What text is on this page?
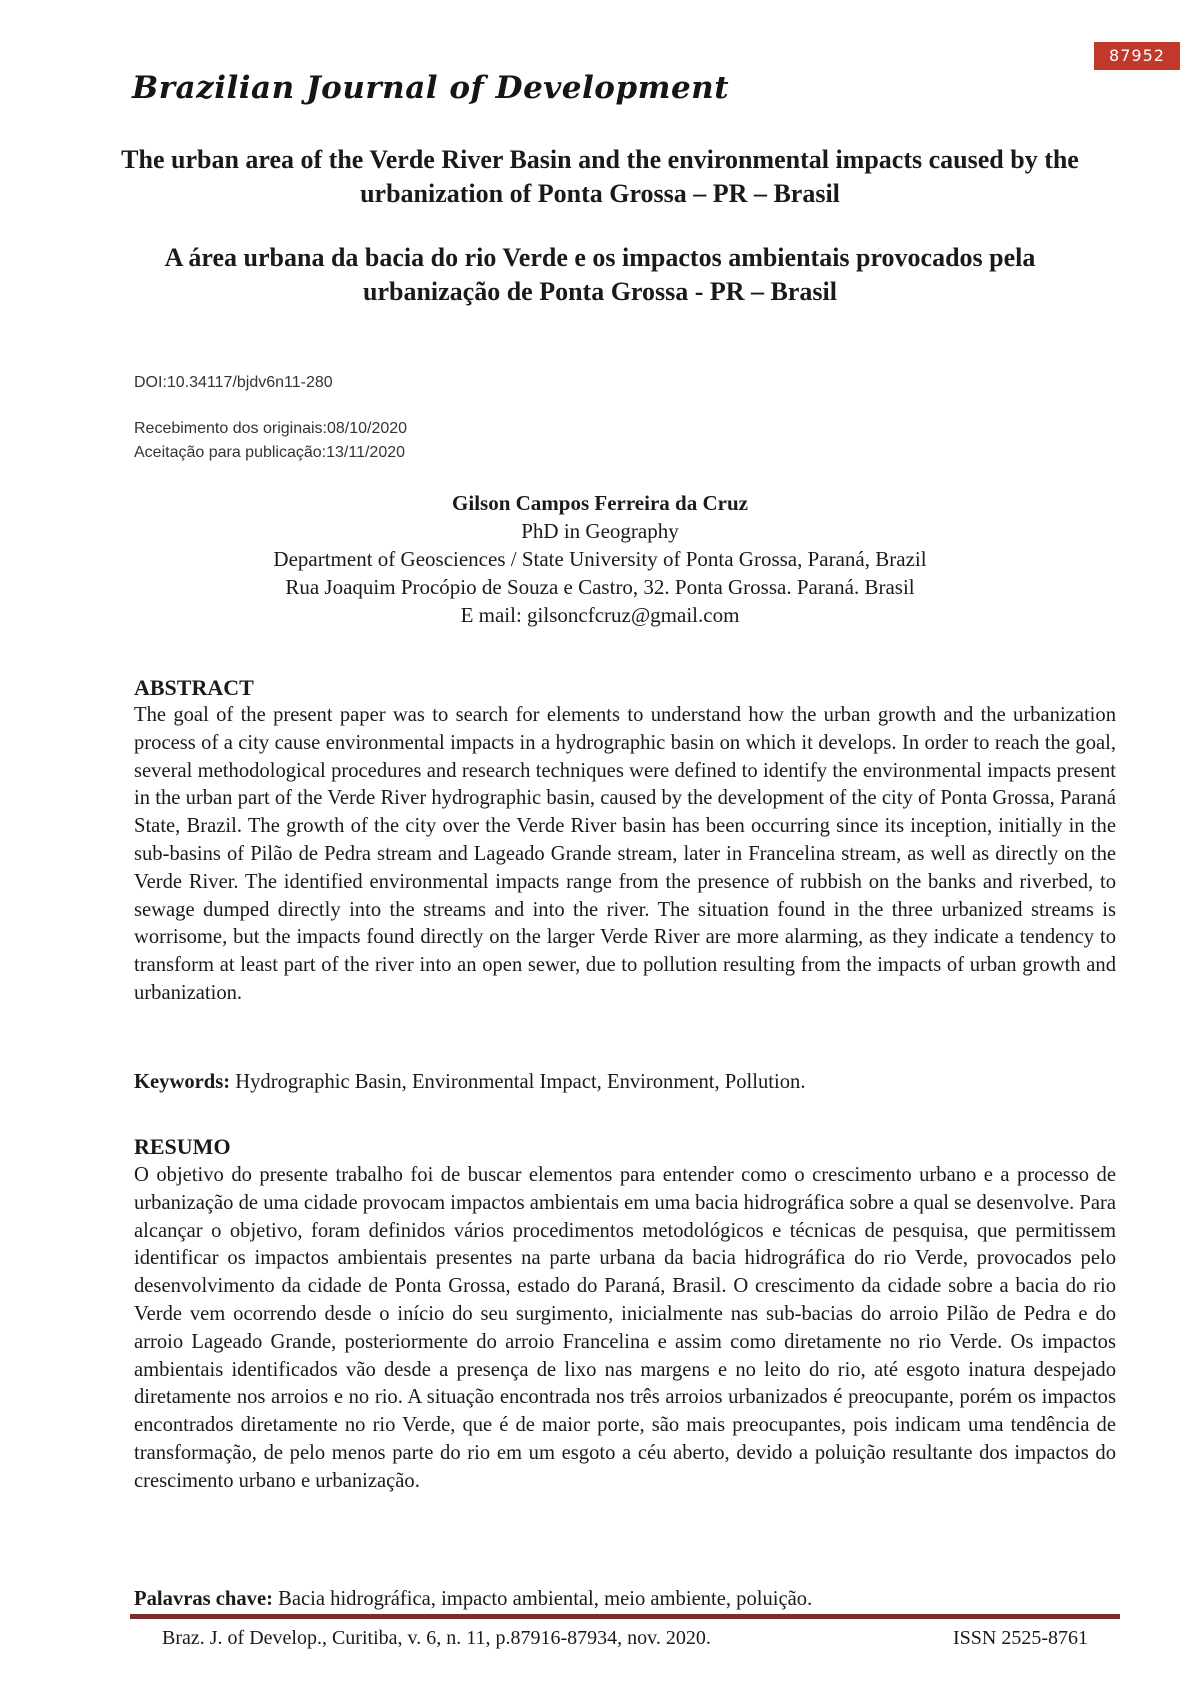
87952
Brazilian Journal of Development
The urban area of the Verde River Basin and the environmental impacts caused by the urbanization of Ponta Grossa – PR – Brasil
A área urbana da bacia do rio Verde e os impactos ambientais provocados pela urbanização de Ponta Grossa - PR – Brasil
DOI:10.34117/bjdv6n11-280
Recebimento dos originais:08/10/2020
Aceitação para publicação:13/11/2020
Gilson Campos Ferreira da Cruz
PhD in Geography
Department of Geosciences / State University of Ponta Grossa, Paraná, Brazil
Rua Joaquim Procópio de Souza e Castro, 32. Ponta Grossa. Paraná. Brasil
E mail: gilsoncfcruz@gmail.com
ABSTRACT
The goal of the present paper was to search for elements to understand how the urban growth and the urbanization process of a city cause environmental impacts in a hydrographic basin on which it develops. In order to reach the goal, several methodological procedures and research techniques were defined to identify the environmental impacts present in the urban part of the Verde River hydrographic basin, caused by the development of the city of Ponta Grossa, Paraná State, Brazil. The growth of the city over the Verde River basin has been occurring since its inception, initially in the sub-basins of Pilão de Pedra stream and Lageado Grande stream, later in Francelina stream, as well as directly on the Verde River. The identified environmental impacts range from the presence of rubbish on the banks and riverbed, to sewage dumped directly into the streams and into the river. The situation found in the three urbanized streams is worrisome, but the impacts found directly on the larger Verde River are more alarming, as they indicate a tendency to transform at least part of the river into an open sewer, due to pollution resulting from the impacts of urban growth and urbanization.
Keywords: Hydrographic Basin, Environmental Impact, Environment, Pollution.
RESUMO
O objetivo do presente trabalho foi de buscar elementos para entender como o crescimento urbano e a processo de urbanização de uma cidade provocam impactos ambientais em uma bacia hidrográfica sobre a qual se desenvolve. Para alcançar o objetivo, foram definidos vários procedimentos metodológicos e técnicas de pesquisa, que permitissem identificar os impactos ambientais presentes na parte urbana da bacia hidrográfica do rio Verde, provocados pelo desenvolvimento da cidade de Ponta Grossa, estado do Paraná, Brasil. O crescimento da cidade sobre a bacia do rio Verde vem ocorrendo desde o início do seu surgimento, inicialmente nas sub-bacias do arroio Pilão de Pedra e do arroio Lageado Grande, posteriormente do arroio Francelina e assim como diretamente no rio Verde. Os impactos ambientais identificados vão desde a presença de lixo nas margens e no leito do rio, até esgoto inatura despejado diretamente nos arroios e no rio. A situação encontrada nos três arroios urbanizados é preocupante, porém os impactos encontrados diretamente no rio Verde, que é de maior porte, são mais preocupantes, pois indicam uma tendência de transformação, de pelo menos parte do rio em um esgoto a céu aberto, devido a poluição resultante dos impactos do crescimento urbano e urbanização.
Palavras chave: Bacia hidrográfica, impacto ambiental, meio ambiente, poluição.
Braz. J. of Develop., Curitiba, v. 6, n. 11, p.87916-87934, nov. 2020.	ISSN 2525-8761
